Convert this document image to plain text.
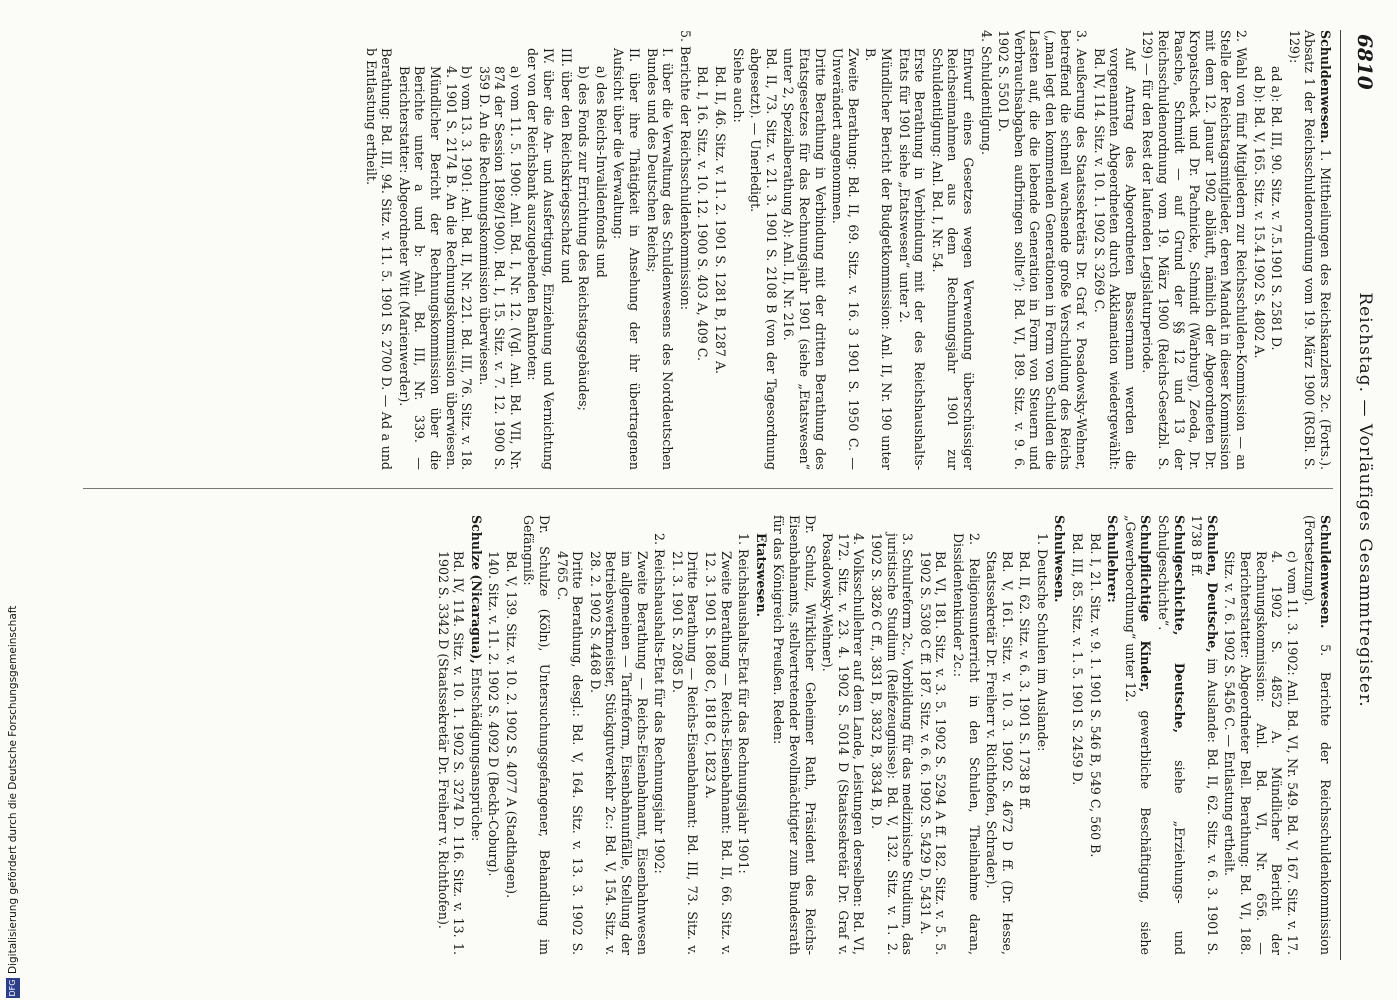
6810
Reichstag. — Vorläufiges Gesammtregister.

Schuldenwesen. 1. Mittheilungen des Reichskanzlers 2c. (Forts.). Absatz 1 der Reichsschuldenordnung vom 19. März 1900 (RGBl. S. 129):

ad a): Bd. III, 90. Sitz. v. 7.5.1901 S. 2581 D.

ad b): Bd. V, 165. Sitz. v. 15.4.1902 S. 4802 A.

2. Wahl von fünf Mitgliedern zur Reichsschulden-Kommission — an Stelle der Reichstagsmitglieder, deren Mandat in dieser Kommission mit dem 12. Januar 1902 abläuft, nämlich der Abgeordneten Dr. Kropatscheck und Dr. Pachnicke, Schmidt (Warburg), Zeoda, Dr. Paasche, Schmidt — auf Grund der §§ 12 und 13 der Reichsschuldenordnung vom 19. März 1900 (Reichs-Gesetzbl. S. 129) — für den Rest der laufenden Legislaturperiode.

Auf Antrag des Abgeordneten Bassermann werden die vorgenannten Abgeordneten durch Akklamation wiedergewählt: Bd. IV, 114. Sitz. v. 10. 1. 1902 S. 3269 C.

3. Aeußerung des Staatssekretärs Dr. Graf v. Posadowsky-Wehner, betreffend die schnell wachsende große Verschuldung des Reichs („man legt den kommenden Generationen in Form von Schulden die Lasten auf, die die lebende Generation in Form von Steuern und Verbrauchsabgaben aufbringen sollte“): Bd. VI, 189. Sitz. v. 9. 6. 1902 S. 5501 D.

4. Schuldentilgung.

Entwurf eines Gesetzes wegen Verwendung überschüssiger Reichseinnahmen aus dem Rechnungsjahr 1901 zur Schuldentilgung: Anl. Bd. I, Nr. 54.

Erste Berathung in Verbindung mit der des Reichshaushalts-Etats für 1901 siehe „Etatswesen“ unter 2.

Mündlicher Bericht der Budgetkommission: Anl. II, Nr. 190 unter B.

Zweite Berathung: Bd. II, 69. Sitz. v. 16. 3 1901 S. 1950 C. — Unverändert angenommen.

Dritte Berathung in Verbindung mit der dritten Berathung des Etatsgesetzes für das Rechnungsjahr 1901 (siehe „Etatswesen“ unter 2, Spezialberathung A): Anl. II, Nr. 216.

Bd. II, 73. Sitz. v. 21. 3. 1901 S. 2108 B (von der Tagesordnung abgesetzt). — Unerledigt.

Siehe auch:

Bd. II, 46. Sitz. v. 11. 2. 1901 S. 1281 B, 1287 A.

Bd. I, 16. Sitz. v. 10. 12. 1900 S. 403 A, 409 C.

5. Berichte der Reichsschuldenkommission:

I. über die Verwaltung des Schuldenwesens des Norddeutschen Bundes und des Deutschen Reichs;

II. über ihre Thätigkeit in Ansehung der ihr übertragenen Aufsicht über die Verwaltung:

a) des Reichs-Invalidenfonds und

b) des Fonds zur Errichtung des Reichstagsgebäudes;

III. über den Reichskriegsschatz und

IV. über die An- und Ausfertigung, Einziehung und Vernichtung der von der Reichsbank auszugebenden Banknoten:

a) vom 11. 5. 1900: Anl. Bd. I, Nr. 12. (Vgl. Anl. Bd. VII, Nr. 874 der Session 1898/1900). Bd. I, 15. Sitz. v. 7. 12. 1900 S. 359 D. An die Rechnungskommission überwiesen.

b) vom 13. 3. 1901: Anl. Bd. II, Nr. 221. Bd. III, 76. Sitz. v. 18. 4. 1901 S. 2174 B. An die Rechnungskommission überwiesen. Mündlicher Bericht der Rechnungskommission über die Berichte unter a und b: Anl. Bd. III, Nr. 339. — Berichterstatter: Abgeordneter Witt (Marienwerder).

Berathung: Bd. III, 94. Sitz. v. 11. 5. 1901 S. 2700 D. — Ad a und b Entlastung ertheilt.

Schuldenwesen. 5. Berichte der Reichsschuldenkommission (Fortsetzung).

c) vom 11. 3. 1902: Anl. Bd. VI, Nr. 549. Bd. V, 167. Sitz. v. 17. 4. 1902 S. 4852 A. Mündlicher Bericht der Rechnungskommission: Anl. Bd. VI, Nr. 656. — Berichterstatter: Abgeordneter Bell. Berathung: Bd. VI, 188. Sitz. v. 7. 6. 1902 S. 5456 C. — Entlastung ertheilt.

Schulen, Deutsche, im Auslande: Bd. II, 62. Sitz. v. 6. 3. 1901 S. 1738 B ff.

Schulgeschichte, Deutsche, siehe „Erziehungs- und Schulgeschichte“.

Schulpflichtige Kinder, gewerbliche Beschäftigung, siehe „Gewerbeordnung“ unter 12.

Schullehrer:

Bd. I, 21. Sitz. v. 9. 1. 1901 S. 546 B, 549 C, 560 B.

Bd. III, 85. Sitz. v. 1. 5. 1901 S. 2459 D.

Schulwesen.

1. Deutsche Schulen im Auslande:

Bd. II, 62. Sitz. v. 6. 3. 1901 S. 1738 B ff.

Bd. V, 161. Sitz. v. 10. 3. 1902 S. 4672 D ff. (Dr. Hesse, Staatssekretär Dr. Freiherr v. Richthofen, Schrader).

2. Religionsunterricht in den Schulen, Theilnahme daran, Dissidentenkinder 2c.:

Bd. VI, 181. Sitz. v. 3. 5. 1902 S. 5294 A ff. 182. Sitz. v. 5. 5. 1902 S. 5308 C ff. 187. Sitz. v. 6. 6. 1902 S. 5429 D, 5431 A.

3. Schulreform 2c., Vorbildung für das medizinische Studium, das juristische Studium (Reifezeugnisse): Bd. V, 132. Sitz. v. 1. 2. 1902 S. 3826 C ff., 3831 B, 3832 B, 3834 B, D.

4. Volksschullehrer auf dem Lande, Leistungen derselben: Bd. VI, 172. Sitz. v. 23. 4. 1902 S. 5014 D (Staatssekretär Dr. Graf v. Posadowsky-Wehner).

Dr. Schulz, Wirklicher Geheimer Rath, Präsident des Reichs-Eisenbahnamts, stellvertretender Bevollmächtigter zum Bundesrath für das Königreich Preußen. Reden:

Etatswesen.

1. Reichshaushalts-Etat für das Rechnungsjahr 1901:

Zweite Berathung — Reichs-Eisenbahnamt: Bd. II, 66. Sitz. v. 12. 3. 1901 S. 1808 C, 1818 C, 1823 A.

Dritte Berathung — Reichs-Eisenbahnamt: Bd. III, 73. Sitz. v. 21. 3. 1901 S. 2085 D.

2. Reichshaushalts-Etat für das Rechnungsjahr 1902:

Zweite Berathung — Reichs-Eisenbahnamt, Eisenbahnwesen im allgemeinen — Tarifreform, Eisenbahnunfälle, Stellung der Betriebswerkmeister, Stückgutverkehr 2c.: Bd. V, 154. Sitz. v. 28. 2. 1902 S. 4468 D.

Dritte Berathung, desgl.: Bd. V, 164. Sitz. v. 13. 3. 1902 S. 4765 C.

Dr. Schulze (Köln), Untersuchungsgefangener, Behandlung im Gefängniß:

Bd. V, 139. Sitz. v. 10. 2. 1902 S. 4077 A (Stadthagen).

140. Sitz. v. 11. 2. 1902 S. 4092 D (Beckh-Coburg).

Schulze (Nicaragua), Entschädigungsansprüche:

Bd. IV, 114. Sitz. v. 10. 1. 1902 S. 3274 D. 116. Sitz. v. 13. 1. 1902 S. 3342 D (Staatssekretär Dr. Freiherr v. Richthofen).

DFG
Digitalisierung gefördert durch die Deutsche Forschungsgemeinschaft
